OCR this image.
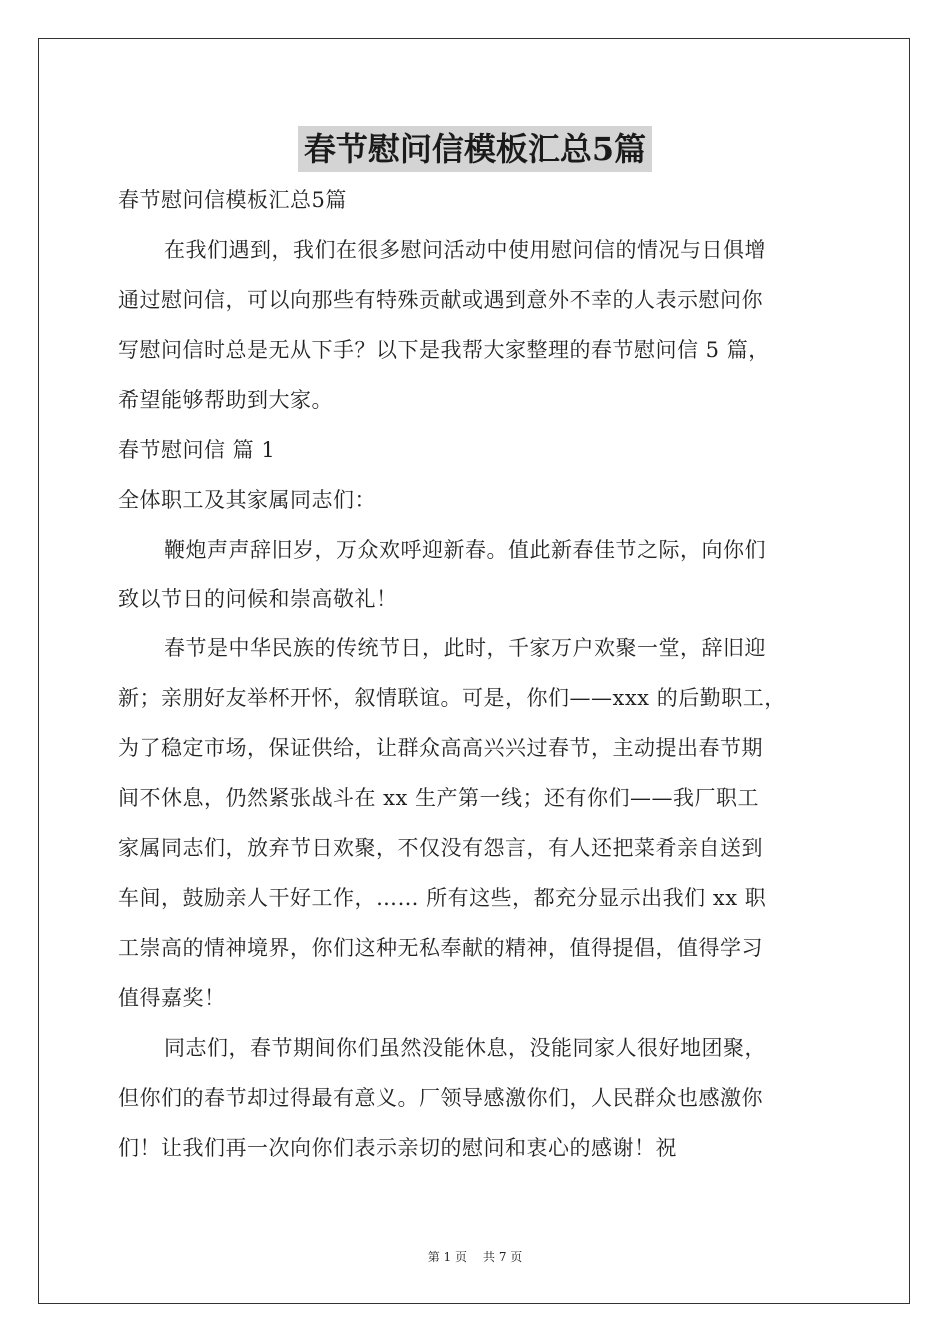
春节慰问信模板汇总5篇
春节慰问信模板汇总5篇
在我们遇到，我们在很多慰问活动中使用慰问信的情况与日俱增
通过慰问信，可以向那些有特殊贡献或遇到意外不幸的人表示慰问你
写慰问信时总是无从下手？以下是我帮大家整理的春节慰问信 5 篇，
希望能够帮助到大家。
春节慰问信 篇 1
全体职工及其家属同志们：
鞭炮声声辞旧岁，万众欢呼迎新春。值此新春佳节之际，向你们
致以节日的问候和崇高敬礼！
春节是中华民族的传统节日，此时，千家万户欢聚一堂，辞旧迎
新；亲朋好友举杯开怀，叙情联谊。可是，你们——xxx 的后勤职工，
为了稳定市场，保证供给，让群众高高兴兴过春节，主动提出春节期
间不休息，仍然紧张战斗在 xx 生产第一线；还有你们——我厂职工
家属同志们，放弃节日欢聚，不仅没有怨言，有人还把菜肴亲自送到
车间，鼓励亲人干好工作，…… 所有这些，都充分显示出我们 xx 职
工崇高的情神境界，你们这种无私奉献的精神，值得提倡，值得学习
值得嘉奖！
同志们，春节期间你们虽然没能休息，没能同家人很好地团聚，
但你们的春节却过得最有意义。厂领导感激你们，人民群众也感激你
们！让我们再一次向你们表示亲切的慰问和衷心的感谢！祝
第 1 页 共 7 页
